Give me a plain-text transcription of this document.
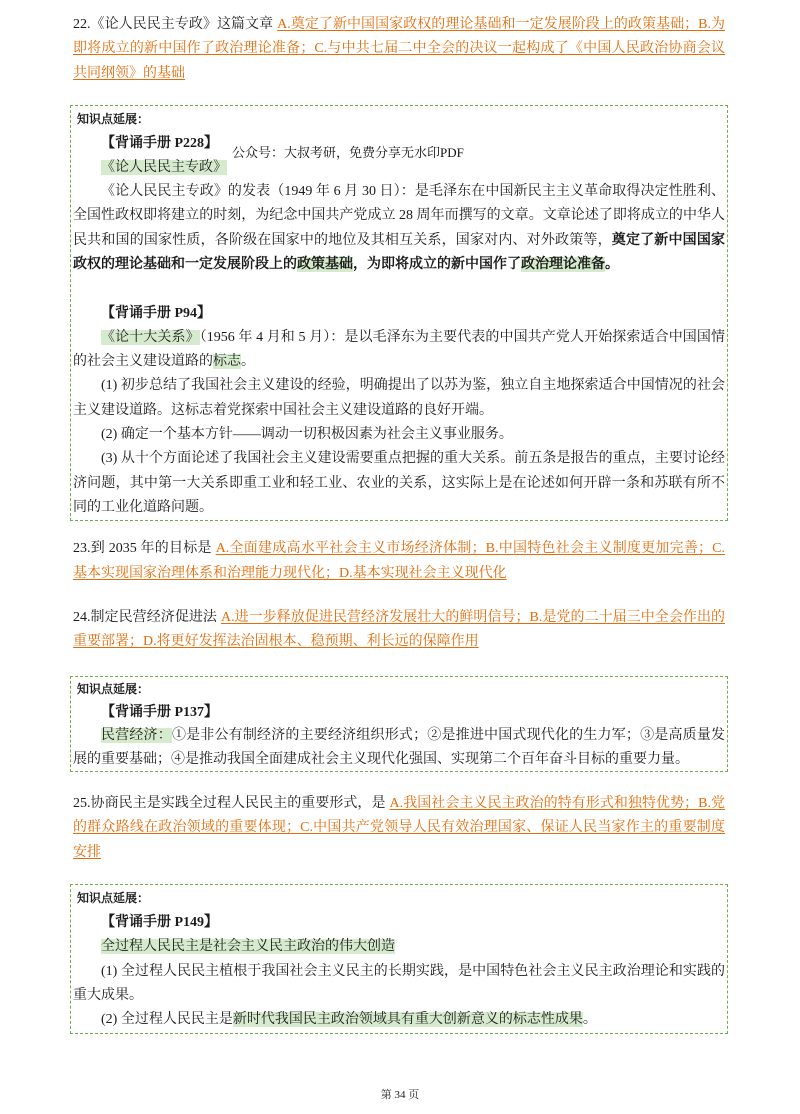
22.《论人民民主专政》这篇文章 A.奠定了新中国国家政权的理论基础和一定发展阶段上的政策基础；B.为即将成立的新中国作了政治理论准备；C.与中共七届二中全会的决议一起构成了《中国人民政治协商会议共同纲领》的基础

知识点延展：
【背诵手册 P228】
公众号：大叔考研，免费分享无水印PDF
《论人民民主专政》

《论人民民主专政》的发表（1949 年 6 月 30 日）：是毛泽东在中国新民主主义革命取得决定性胜利、全国性政权即将建立的时刻，为纪念中国共产党成立 28 周年而撰写的文章。文章论述了即将成立的中华人民共和国的国家性质，各阶级在国家中的地位及其相互关系，国家对内、对外政策等，奠定了新中国国家政权的理论基础和一定发展阶段上的政策基础，为即将成立的新中国作了政治理论准备。

【背诵手册 P94】

《论十大关系》（1956 年 4 月和 5 月）：是以毛泽东为主要代表的中国共产党人开始探索适合中国国情的社会主义建设道路的标志。

(1) 初步总结了我国社会主义建设的经验，明确提出了以苏为鉴，独立自主地探索适合中国情况的社会主义建设道路。这标志着党探索中国社会主义建设道路的良好开端。

(2) 确定一个基本方针——调动一切积极因素为社会主义事业服务。

(3) 从十个方面论述了我国社会主义建设需要重点把握的重大关系。前五条是报告的重点，主要讨论经济问题，其中第一大关系即重工业和轻工业、农业的关系，这实际上是在论述如何开辟一条和苏联有所不同的工业化道路问题。

23.到 2035 年的目标是 A.全面建成高水平社会主义市场经济体制；B.中国特色社会主义制度更加完善；C.基本实现国家治理体系和治理能力现代化；D.基本实现社会主义现代化

24.制定民营经济促进法 A.进一步释放促进民营经济发展壮大的鲜明信号；B.是党的二十届三中全会作出的重要部署；D.将更好发挥法治固根本、稳预期、利长远的保障作用

知识点延展：
【背诵手册 P137】

民营经济：①是非公有制经济的主要经济组织形式；②是推进中国式现代化的生力军；③是高质量发展的重要基础；④是推动我国全面建成社会主义现代化强国、实现第二个百年奋斗目标的重要力量。

25.协商民主是实践全过程人民民主的重要形式，是 A.我国社会主义民主政治的特有形式和独特优势；B.党的群众路线在政治领域的重要体现；C.中国共产党领导人民有效治理国家、保证人民当家作主的重要制度安排

知识点延展：
【背诵手册 P149】
全过程人民民主是社会主义民主政治的伟大创造

(1) 全过程人民民主植根于我国社会主义民主的长期实践，是中国特色社会主义民主政治理论和实践的重大成果。

(2) 全过程人民民主是新时代我国民主政治领域具有重大创新意义的标志性成果。

第 34 页
